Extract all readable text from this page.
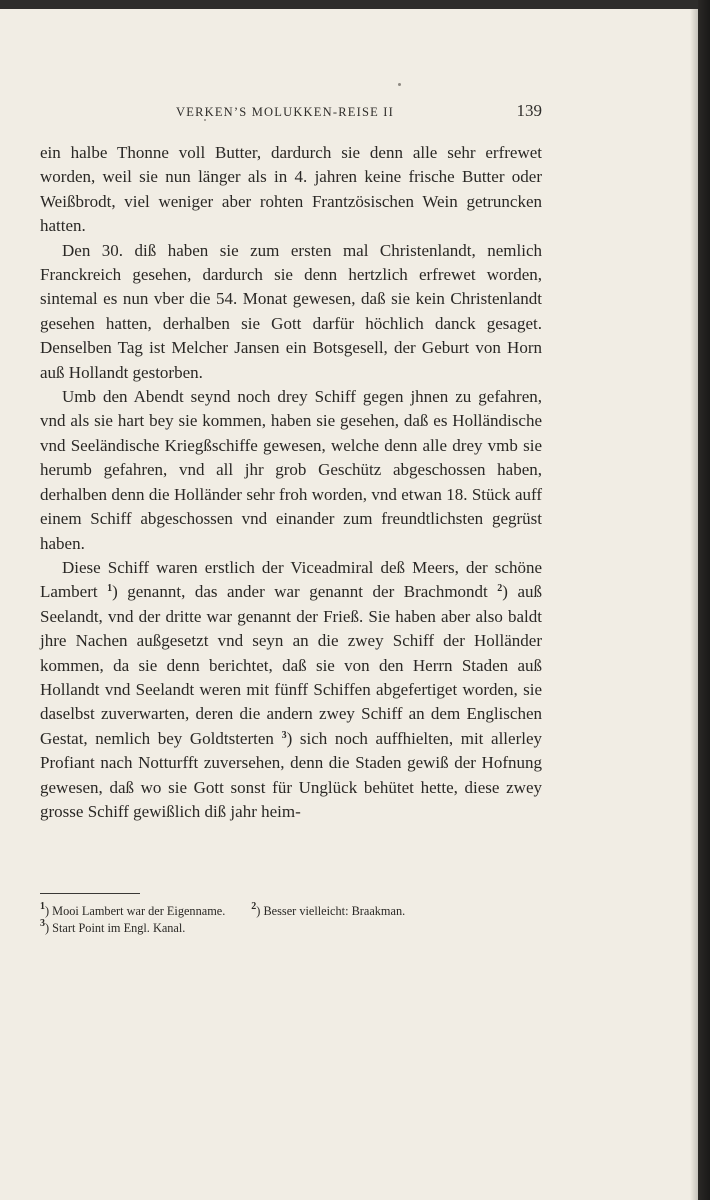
VERKEN’S MOLUKKEN-REISE II	139

ein halbe Thonne voll Butter, dardurch sie denn alle sehr erfrewet worden, weil sie nun länger als in 4. jahren keine frische Butter oder Weißbrodt, viel weniger aber rohten Frantzösischen Wein getruncken hatten.

Den 30. diß haben sie zum ersten mal Christenlandt, nemlich Franckreich gesehen, dardurch sie denn hertzlich erfrewet worden, sintemal es nun vber die 54. Monat gewesen, daß sie kein Christenlandt gesehen hatten, derhalben sie Gott darfür höchlich danck gesaget. Denselben Tag ist Melcher Jansen ein Botsgesell, der Geburt von Horn auß Hollandt gestorben.

Umb den Abendt seynd noch drey Schiff gegen jhnen zu gefahren, vnd als sie hart bey sie kommen, haben sie gesehen, daß es Holländische vnd Seeländische Kriegßschiffe gewesen, welche denn alle drey vmb sie herumb gefahren, vnd all jhr grob Geschütz abgeschossen haben, derhalben denn die Holländer sehr froh worden, vnd etwan 18. Stück auff einem Schiff abgeschossen vnd einander zum freundtlichsten gegrüst haben.

Diese Schiff waren erstlich der Viceadmiral deß Meers, der schöne Lambert $^1$) genannt, das ander war genannt der Brachmondt $^2$) auß Seelandt, vnd der dritte war genannt der Frieß. Sie haben aber also baldt jhre Nachen außgesetzt vnd seyn an die zwey Schiff der Holländer kommen, da sie denn berichtet, daß sie von den Herrn Staden auß Hollandt vnd Seelandt weren mit fünff Schiffen abgefertiget worden, sie daselbst zuverwarten, deren die andern zwey Schiff an dem Englischen Gestat, nemlich bey Goldtsterten $^3$) sich noch auffhielten, mit allerley Profiant nach Notturfft zuversehen, denn die Staden gewiß der Hofnung gewesen, daß wo sie Gott sonst für Unglück behütet hette, diese zwey grosse Schiff gewißlich diß jahr heim-

$^1$) Mooi Lambert war der Eigenname.	$^2$) Besser vielleicht: Braakman.
$^3$) Start Point im Engl. Kanal.
